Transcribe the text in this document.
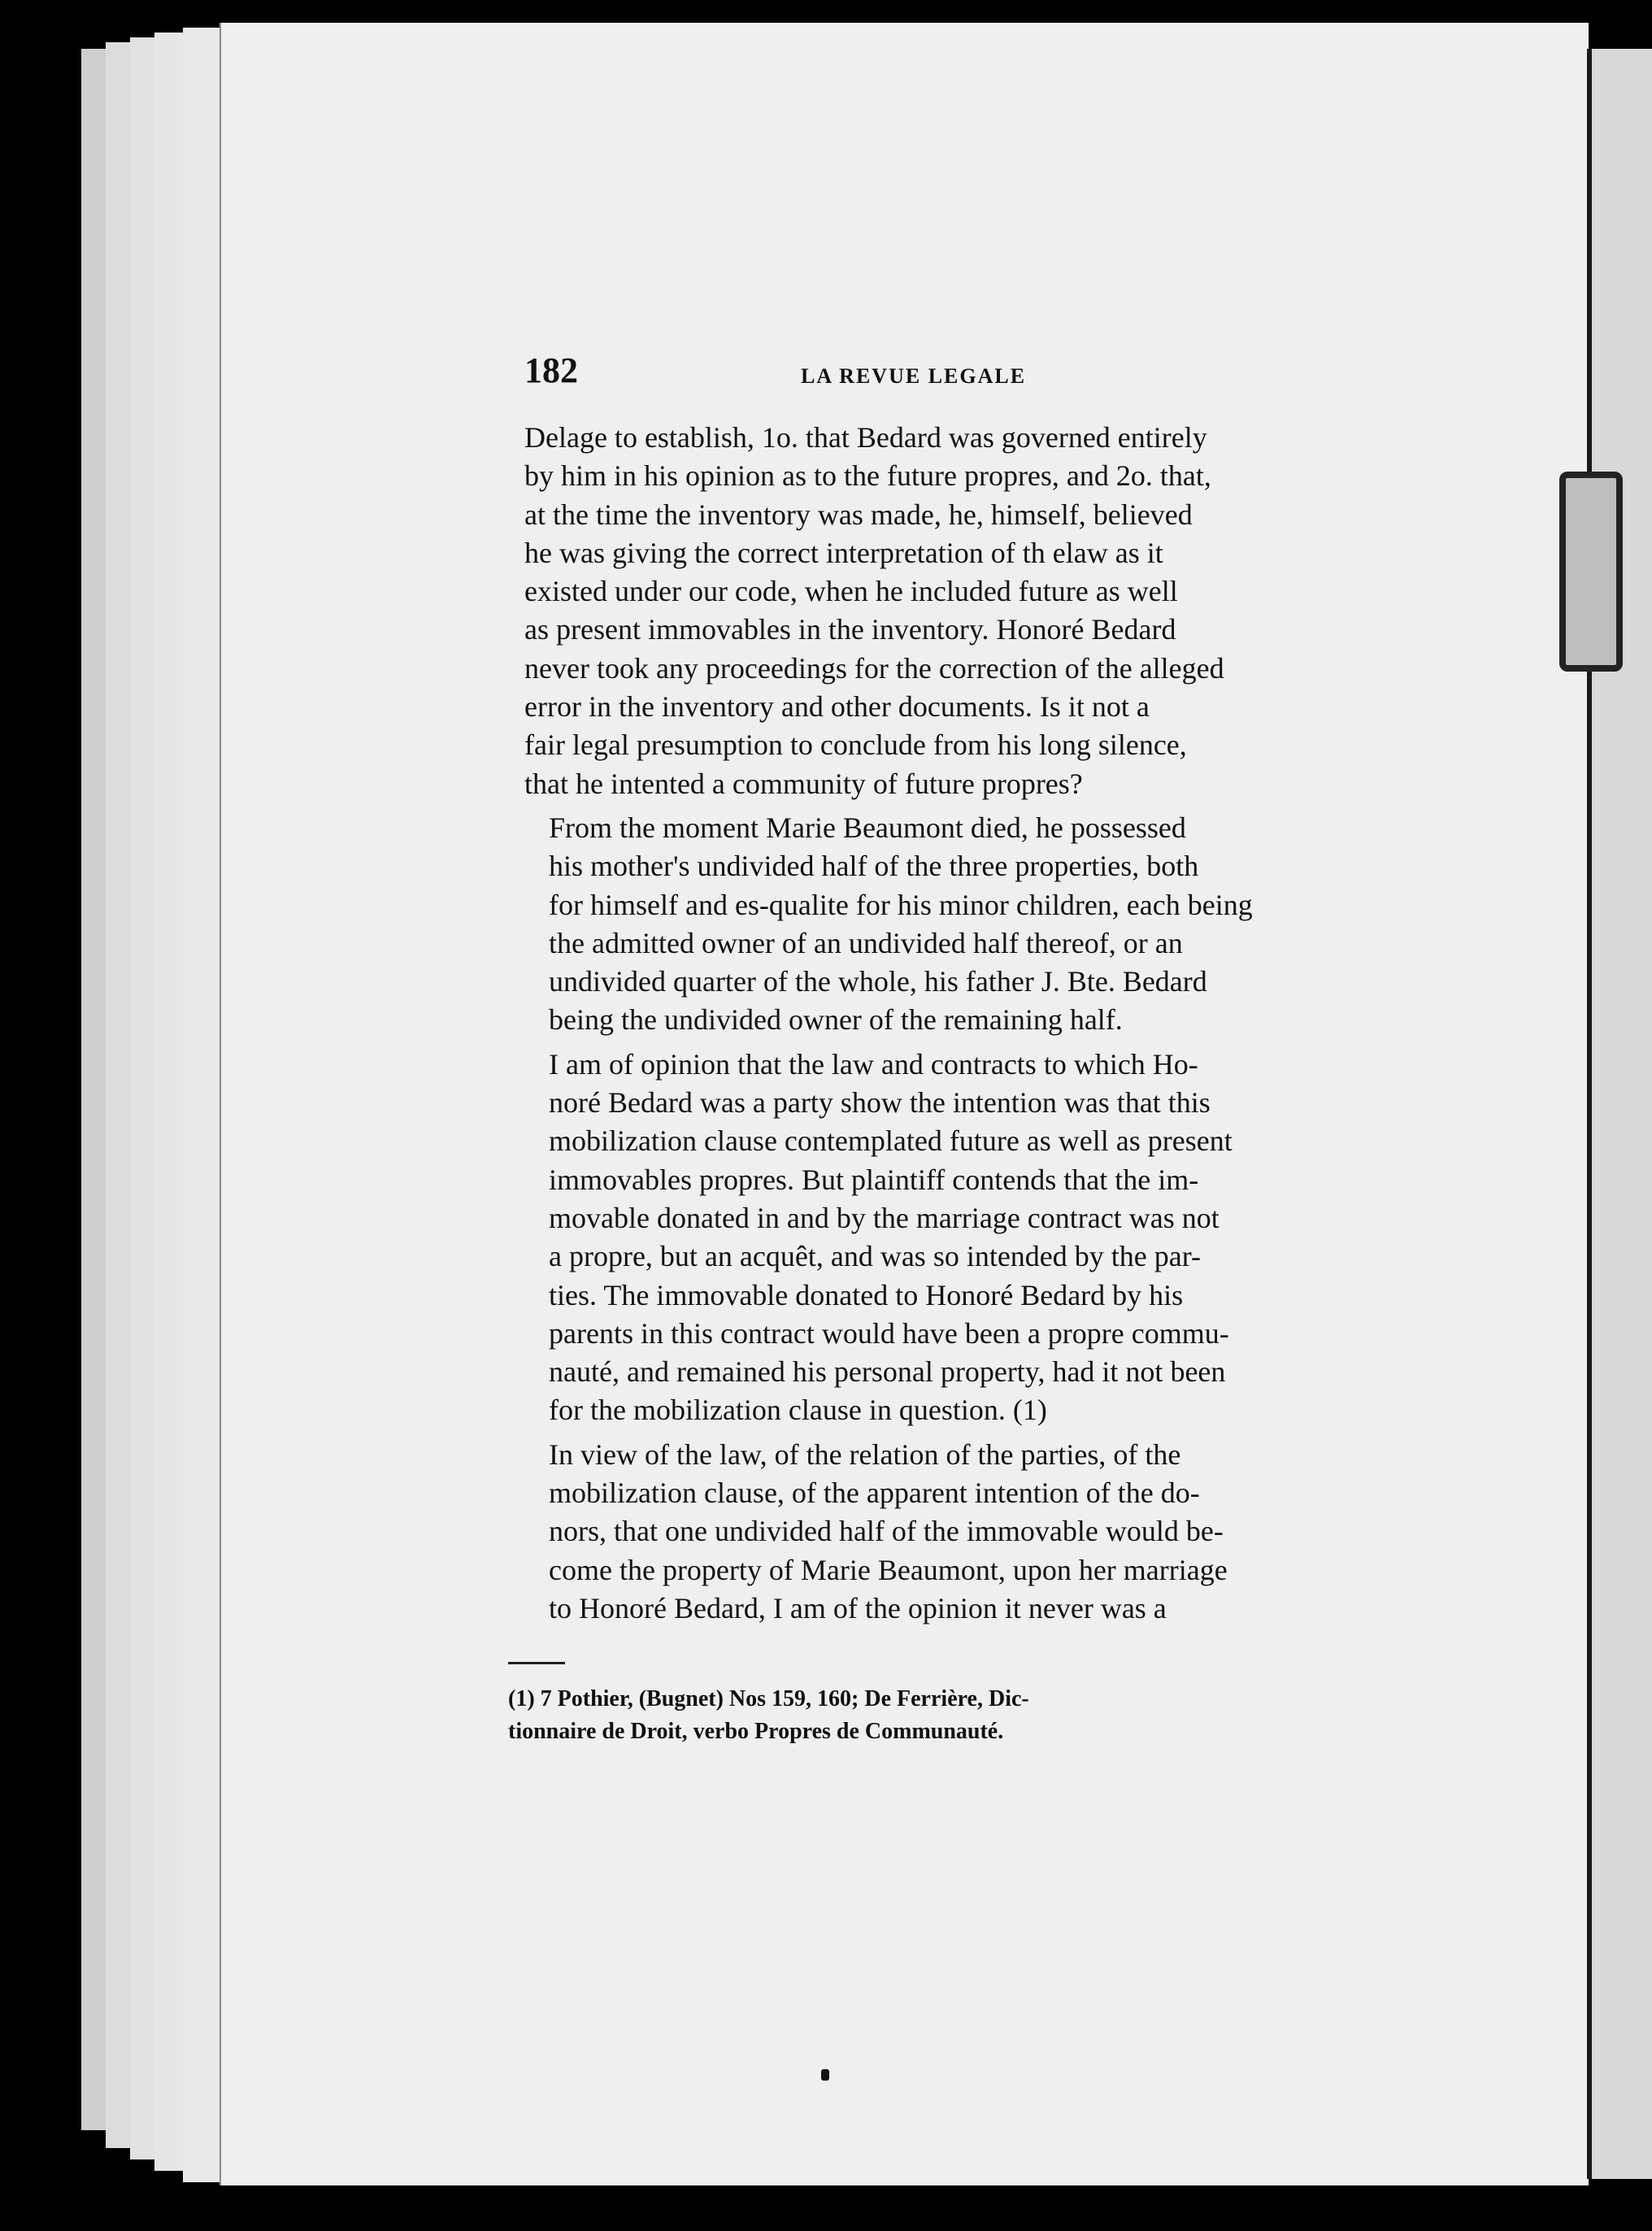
182	LA REVUE LEGALE

Delage to establish, 1o. that Bedard was governed entirely
by him in his opinion as to the future propres, and 2o. that,
at the time the inventory was made, he, himself, believed
he was giving the correct interpretation of th elaw as it
existed under our code, when he included future as well
as present immovables in the inventory. Honoré Bedard
never took any proceedings for the correction of the alleged
error in the inventory and other documents. Is it not a
fair legal presumption to conclude from his long silence,
that he intented a community of future propres?

From the moment Marie Beaumont died, he possessed
his mother's undivided half of the three properties, both
for himself and es-qualite for his minor children, each being
the admitted owner of an undivided half thereof, or an
undivided quarter of the whole, his father J. Bte. Bedard
being the undivided owner of the remaining half.

I am of opinion that the law and contracts to which Ho-
noré Bedard was a party show the intention was that this
mobilization clause contemplated future as well as present
immovables propres. But plaintiff contends that the im-
movable donated in and by the marriage contract was not
a propre, but an acquêt, and was so intended by the par-
ties. The immovable donated to Honoré Bedard by his
parents in this contract would have been a propre commu-
nauté, and remained his personal property, had it not been
for the mobilization clause in question. (1)

In view of the law, of the relation of the parties, of the
mobilization clause, of the apparent intention of the do-
nors, that one undivided half of the immovable would be-
come the property of Marie Beaumont, upon her marriage
to Honoré Bedard, I am of the opinion it never was a

(1) 7 Pothier, (Bugnet) Nos 159, 160; De Ferrière, Dic-
tionnaire de Droit, verbo Propres de Communauté.
